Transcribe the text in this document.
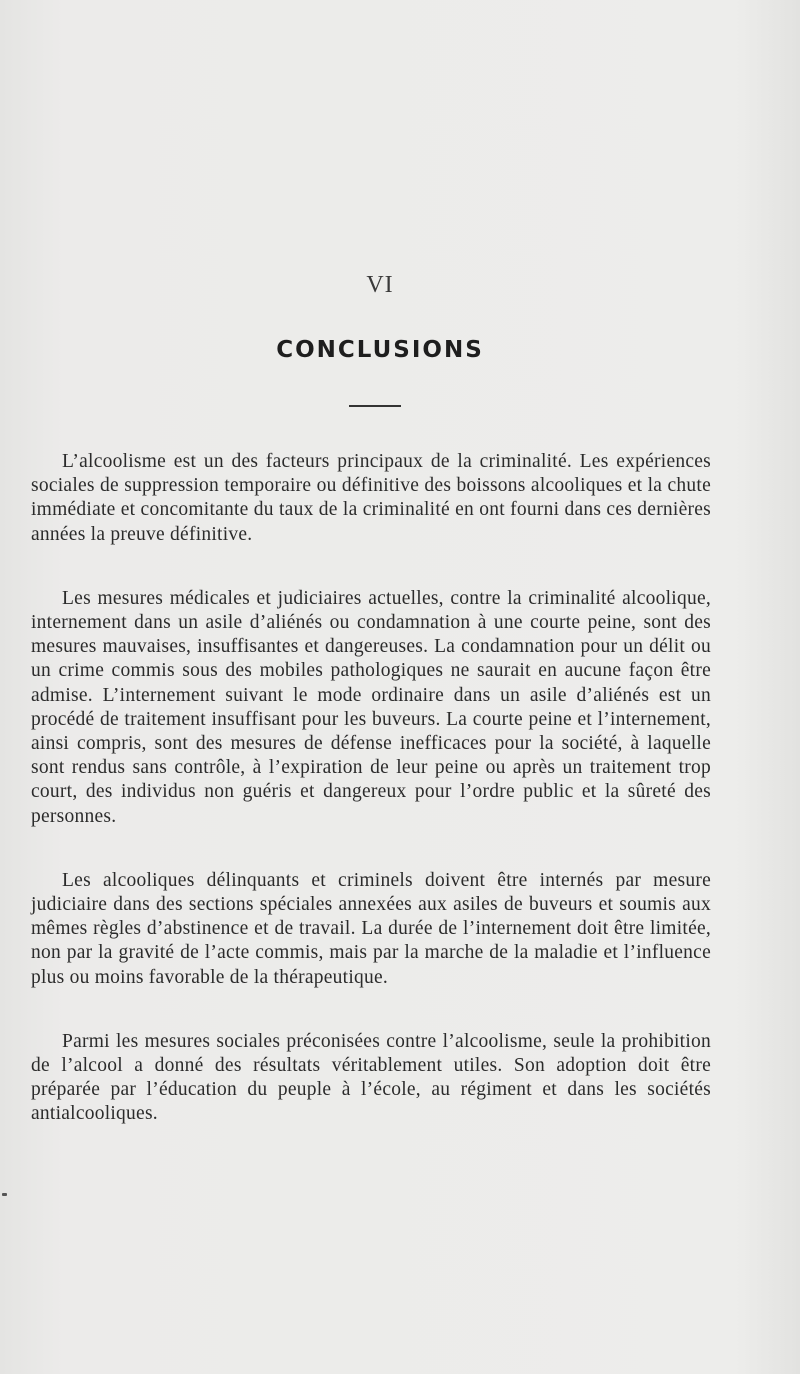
VI
CONCLUSIONS

L’alcoolisme est un des facteurs principaux de la criminalité. Les expériences sociales de suppression temporaire ou définitive des boissons alcooliques et la chute immédiate et concomitante du taux de la criminalité en ont fourni dans ces dernières années la preuve définitive.

Les mesures médicales et judiciaires actuelles, contre la criminalité alcoolique, internement dans un asile d’aliénés ou condamnation à une courte peine, sont des mesures mauvaises, insuffisantes et dangereuses. La condamnation pour un délit ou un crime commis sous des mobiles pathologiques ne saurait en aucune façon être admise. L’internement suivant le mode ordinaire dans un asile d’aliénés est un procédé de traitement insuffisant pour les buveurs. La courte peine et l’internement, ainsi compris, sont des mesures de défense inefficaces pour la société, à laquelle sont rendus sans contrôle, à l’expiration de leur peine ou après un traitement trop court, des individus non guéris et dangereux pour l’ordre public et la sûreté des personnes.

Les alcooliques délinquants et criminels doivent être internés par mesure judiciaire dans des sections spéciales annexées aux asiles de buveurs et soumis aux mêmes règles d’abstinence et de travail. La durée de l’internement doit être limitée, non par la gravité de l’acte commis, mais par la marche de la maladie et l’influence plus ou moins favorable de la thérapeutique.

Parmi les mesures sociales préconisées contre l’alcoolisme, seule la prohibition de l’alcool a donné des résultats véritablement utiles. Son adoption doit être préparée par l’éducation du peuple à l’école, au régiment et dans les sociétés antialcooliques.
